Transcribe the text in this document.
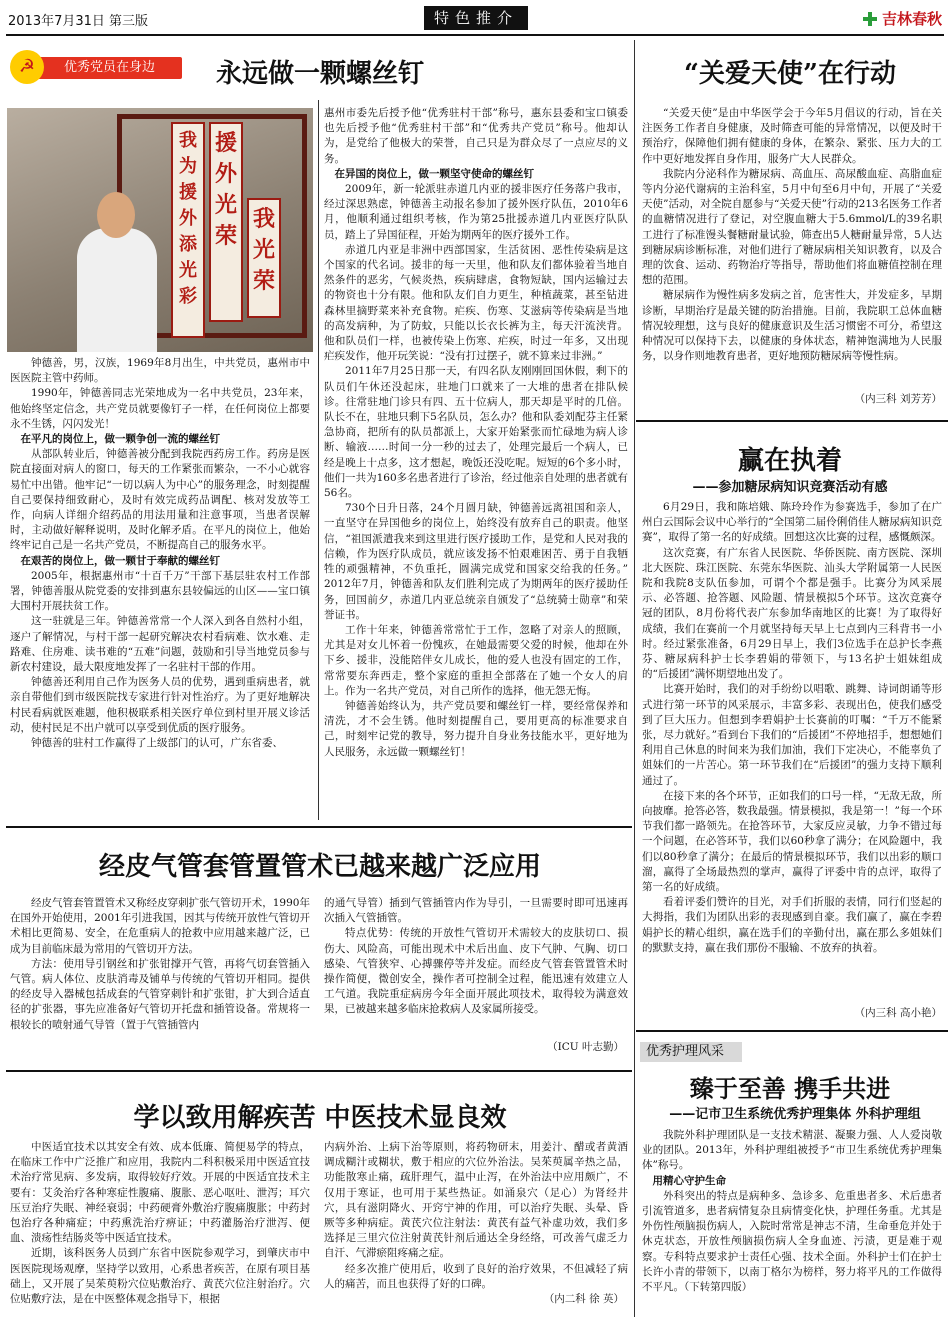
2013年7月31日 第三版	特色推介	吉林春秋
优秀党员在身边
☭	永远做一颗螺丝钉
援外光荣
我为援外添光彩
我光荣

钟德善，男，汉族，1969年8月出生，中共党员，惠州市中医医院主管中药师。

1990年，钟德善同志光荣地成为一名中共党员，23年来，他始终坚定信念，共产党员就要像钉子一样，在任何岗位上都要永不生锈，闪闪发光！

在平凡的岗位上，做一颗争创一流的螺丝钉

从部队转业后，钟德善被分配到我院西药房工作。药房是医院直接面对病人的窗口，每天的工作紧张而繁杂，一不小心就容易忙中出错。他牢记“一切以病人为中心”的服务理念，时刻提醒自己要保持细致耐心，及时有效完成药品调配、核对发放等工作，向病人详细介绍药品的用法用量和注意事项，当患者误解时，主动做好解释说明，及时化解矛盾。在平凡的岗位上，他始终牢记自己是一名共产党员，不断提高自己的服务水平。

在艰苦的岗位上，做一颗甘于奉献的螺丝钉

2005年，根据惠州市“十百千万”干部下基层驻农村工作部署，钟德善服从院党委的安排到惠东县较偏远的山区——宝口镇大围村开展扶贫工作。

这一驻就是三年。钟德善常常一个人深入到各自然村小组，逐户了解情况，与村干部一起研究解决农村看病难、饮水难、走路难、住房难、读书难的“五难”问题，鼓励和引导当地党员参与新农村建设，最大限度地发挥了一名驻村干部的作用。

钟德善还利用自己作为医务人员的优势，遇到重病患者，就亲自带他们到市级医院找专家进行针对性治疗。为了更好地解决村民看病就医难题，他积极联系相关医疗单位到村里开展义诊活动，使村民足不出户就可以享受到优质的医疗服务。

钟德善的驻村工作赢得了上级部门的认可，广东省委、

惠州市委先后授予他“优秀驻村干部”称号，惠东县委和宝口镇委也先后授予他“优秀驻村干部”和“优秀共产党员”称号。他却认为，是党给了他极大的荣誉，自己只是为群众尽了一点应尽的义务。

在异国的岗位上，做一颗坚守使命的螺丝钉

2009年，新一轮派驻赤道几内亚的援非医疗任务落户我市，经过深思熟虑，钟德善主动报名参加了援外医疗队伍，2010年6月，他顺利通过组织考核，作为第25批援赤道几内亚医疗队队员，踏上了异国征程，开始为期两年的医疗援外工作。

赤道几内亚是非洲中西部国家，生活贫困、恶性传染病是这个国家的代名词。援非的每一天里，他和队友们都体验着当地自然条件的恶劣，气候炎热，疾病肆虐，食物短缺，国内运输过去的物资也十分有限。他和队友们自力更生，种植蔬菜，甚至钻进森林里摘野菜来补充食物。疟疾、伤寒、艾滋病等传染病是当地的高发病种，为了防蚊，只能以长衣长裤为主，每天汗流浃背。他和队员们一样，也被传染上伤寒、疟疾，时过一年多，又出现疟疾发作，他开玩笑说：“没有打过摆子，就不算来过非洲。”

2011年7月25日那一天，有四名队友刚刚回国休假，剩下的队员们午休还没起床，驻地门口就来了一大堆的患者在排队候诊。往常驻地门诊只有四、五十位病人，那天却是平时的几倍。队长不在，驻地只剩下5名队员，怎么办？他和队委刘配芬主任紧急协商，把所有的队员都派上，大家开始紧张而忙碌地为病人诊断、输液……时间一分一秒的过去了，处理完最后一个病人，已经是晚上十点多，这才想起，晚饭还没吃呢。短短的6个多小时，他们一共为160多名患者进行了诊治，经过他亲自处理的患者就有56名。

730个日升日落，24个月圆月缺，钟德善远离祖国和亲人，一直坚守在异国他乡的岗位上，始终没有放弃自己的职责。他坚信，“祖国派遣我来到这里进行医疗援助工作，是党和人民对我的信赖，作为医疗队成员，就应该发扬不怕艰难困苦、勇于自我牺牲的顽强精神，不负重托，圆满完成党和国家交给我的任务。” 2012年7月，钟德善和队友们胜利完成了为期两年的医疗援助任务，回国前夕，赤道几内亚总统亲自颁发了“总统骑士勋章”和荣誉证书。

工作十年来，钟德善常常忙于工作，忽略了对亲人的照顾，尤其是对女儿怀着一份愧疚，在她最需要父爱的时候，他却在外下乡、援非，没能陪伴女儿成长，他的爱人也没有固定的工作，常常要东奔西走，整个家庭的重担全部落在了她一个女人的肩上。作为一名共产党员，对自己所作的选择，他无怨无悔。

钟德善始终认为，共产党员要和螺丝钉一样，要经常保养和清洗，才不会生锈。他时刻提醒自己，要用更高的标准要求自己，时刻牢记党的教导，努力提升自身业务技能水平，更好地为人民服务，永远做一颗螺丝钉！

“关爱天使”在行动

“关爱天使”是由中华医学会于今年5月倡议的行动，旨在关注医务工作者自身健康，及时筛查可能的异常情况，以便及时干预治疗，保障他们拥有健康的身体，在繁杂、紧张、压力大的工作中更好地发挥自身作用，服务广大人民群众。

我院内分泌科作为糖尿病、高血压、高尿酸血症、高脂血症等内分泌代谢病的主治科室，5月中旬至6月中旬，开展了“关爱天使”活动，对全院自愿参与“关爱天使”行动的213名医务工作者的血糖情况进行了登记，对空腹血糖大于5.6mmol/L的39名职工进行了标准馒头餐糖耐量试验，筛查出5人糖耐量异常，5人达到糖尿病诊断标准，对他们进行了糖尿病相关知识教育，以及合理的饮食、运动、药物治疗等指导，帮助他们将血糖值控制在理想的范围。

糖尿病作为慢性病多发病之首，危害性大，并发症多，早期诊断，早期治疗是最关键的防治措施。目前，我院职工总体血糖情况较理想，这与良好的健康意识及生活习惯密不可分，希望这种情况可以保持下去，以健康的身体状态，精神饱满地为人民服务，以身作则地教育患者，更好地预防糖尿病等慢性病。

（内三科 刘芳芳）

经皮气管套管置管术已越来越广泛应用

经皮气管套管置管术又称经皮穿刺扩张气管切开术，1990年在国外开始使用，2001年引进我国，因其与传统开放性气管切开术相比更简易、安全，在危重病人的抢救中应用越来越广泛，已成为目前临床最为常用的气管切开方法。

方法：使用导引钢丝和扩张钳撑开气管，再将气切套管插入气管。病人体位、皮肤消毒及铺单与传统的气管切开相同。提供的经皮导入器械包括成套的气管穿刺针和扩张钳，扩大到合适直径的扩张器，事先应准备好气管切开托盘和插管设备。常规将一根较长的喷射通气导管（置于气管插管内

的通气导管）插到气管插管内作为导引，一旦需要时即可迅速再次插入气管插管。

特点优势：传统的开放性气管切开术需较大的皮肤切口、损伤大、风险高，可能出现术中术后出血、皮下气肿、气胸、切口感染、气管狭窄、心搏骤停等并发症。而经皮气管套管置管术时操作简便，微创安全，操作者可控制全过程，能迅速有效建立人工气道。我院重症病房今年全面开展此项技术，取得较为满意效果，已被越来越多临床抢救病人及家属所接受。

（ICU 叶志勤）

学以致用解疾苦 中医技术显良效

中医适宜技术以其安全有效、成本低廉、简便易学的特点，在临床工作中广泛推广和应用，我院内二科积极采用中医适宜技术治疗常见病、多发病，取得较好疗效。开展的中医适宜技术主要有：艾灸治疗各种寒症性腹痛、腹胀、恶心呕吐、泄泻；耳穴压豆治疗失眠、神经衰弱；中药硬膏外敷治疗腹痛腹胀；中药封包治疗各种痛症；中药熏洗治疗痹证；中药灌肠治疗泄泻、便血、溃疡性结肠炎等中医适宜技术。

近期，该科医务人员到广东省中医院参观学习，到肇庆市中医医院现场观摩，坚持学以致用，心系患者疾苦，在原有项目基础上，又开展了吴茱萸粉穴位贴敷治疗、黄芪穴位注射治疗。穴位贴敷疗法，是在中医整体观念指导下，根据

内病外治、上病下治等原则，将药物研末，用姜汁、醋或者黄酒调成糊汁或糊状，敷于相应的穴位外治法。吴茱萸属辛热之品，功能散寒止痛，疏肝理气，温中止泻，在外治法中应用颇广，不仅用于寒证，也可用于某些热证。如涌泉穴（足心）为肾经井穴，具有滋阴降火、开窍宁神的作用，可以治疗失眠、头晕、昏厥等多种病症。黄芪穴位注射法：黄芪有益气补虚功效，我们多选择足三里穴位注射黄芪针剂后通达全身经络，可改善气虚乏力自汗、气滞瘀阻疼痛之症。

经多次推广使用后，收到了良好的治疗效果，不但减轻了病人的痛苦，而且也获得了好的口碑。

（内二科 徐 英）

赢在执着
——参加糖尿病知识竞赛活动有感

6月29日，我和陈培娥、陈玲玲作为参赛选手，参加了在广州白云国际会议中心举行的“全国第二届伶俐俏佳人糖尿病知识竞赛”，取得了第一名的好成绩。回想这次比赛的过程，感慨颇深。

这次竞赛，有广东省人民医院、华侨医院、南方医院、深圳北大医院、珠江医院、东莞东华医院、汕头大学附属第一人民医院和我院8支队伍参加，可谓个个都是强手。比赛分为风采展示、必答题、抢答题、风险题、情景模拟5个环节。这次竞赛夺冠的团队，8月份将代表广东参加华南地区的比赛！为了取得好成绩，我们在赛前一个月就坚持每天早上七点到内三科背书一小时。经过紧张准备，6月29日早上，我们3位选手在总护长李燕芬、糖尿病科护士长李碧娟的带领下，与13名护士姐妹组成的“后援团”满怀期望地出发了。

比赛开始时，我们的对手纷纷以唱歌、跳舞、诗词朗诵等形式进行第一环节的风采展示，丰富多彩、表现出色，使我们感受到了巨大压力。但想到李碧娟护士长赛前的叮嘱：“千万不能紧张，尽力就好。”看到台下我们的“后援团”不停地招手，想想她们利用自己休息的时间来为我们加油，我们下定决心，不能辜负了姐妹们的一片苦心。第一环节我们在“后援团”的强力支持下顺利通过了。

在接下来的各个环节，正如我们的口号一样，“无敌无敌，所向披靡。抢答必答，数我最强。情景模拟，我是第一！”每一个环节我们都一路领先。在抢答环节，大家反应灵敏，力争不错过每一个问题，在必答环节，我们以60秒拿了满分；在风险题中，我们以80秒拿了满分；在最后的情景模拟环节，我们以出彩的顺口溜，赢得了全场最热烈的掌声，赢得了评委中肯的点评，取得了第一名的好成绩。

看着评委们赞许的目光，对手们折服的表情，同行们竖起的大拇指，我们为团队出彩的表现感到自豪。我们赢了，赢在李碧娟护长的精心组织，赢在选手们的辛勤付出，赢在那么多姐妹们的默默支持，赢在我们那份不服输、不放弃的执着。

（内三科 高小艳）

优秀护理风采
臻于至善 携手共进
——记市卫生系统优秀护理集体 外科护理组

我院外科护理团队是一支技术精湛、凝聚力强、人人爱岗敬业的团队。2013年，外科护理组被授予“市卫生系统优秀护理集体”称号。

用精心守护生命

外科突出的特点是病种多、急诊多、危重患者多、术后患者引流管道多，患者病情复杂且病情变化快，护理任务重。尤其是外伤性颅脑损伤病人，入院时常常是神志不清，生命垂危并处于休克状态，开放性颅脑损伤病人全身血迹、污渍，更是难于观察。专科特点要求护士责任心强、技术全面。外科护士们在护士长许小青的带领下，以南丁格尔为榜样，努力将平凡的工作做得不平凡。（下转第四版）
